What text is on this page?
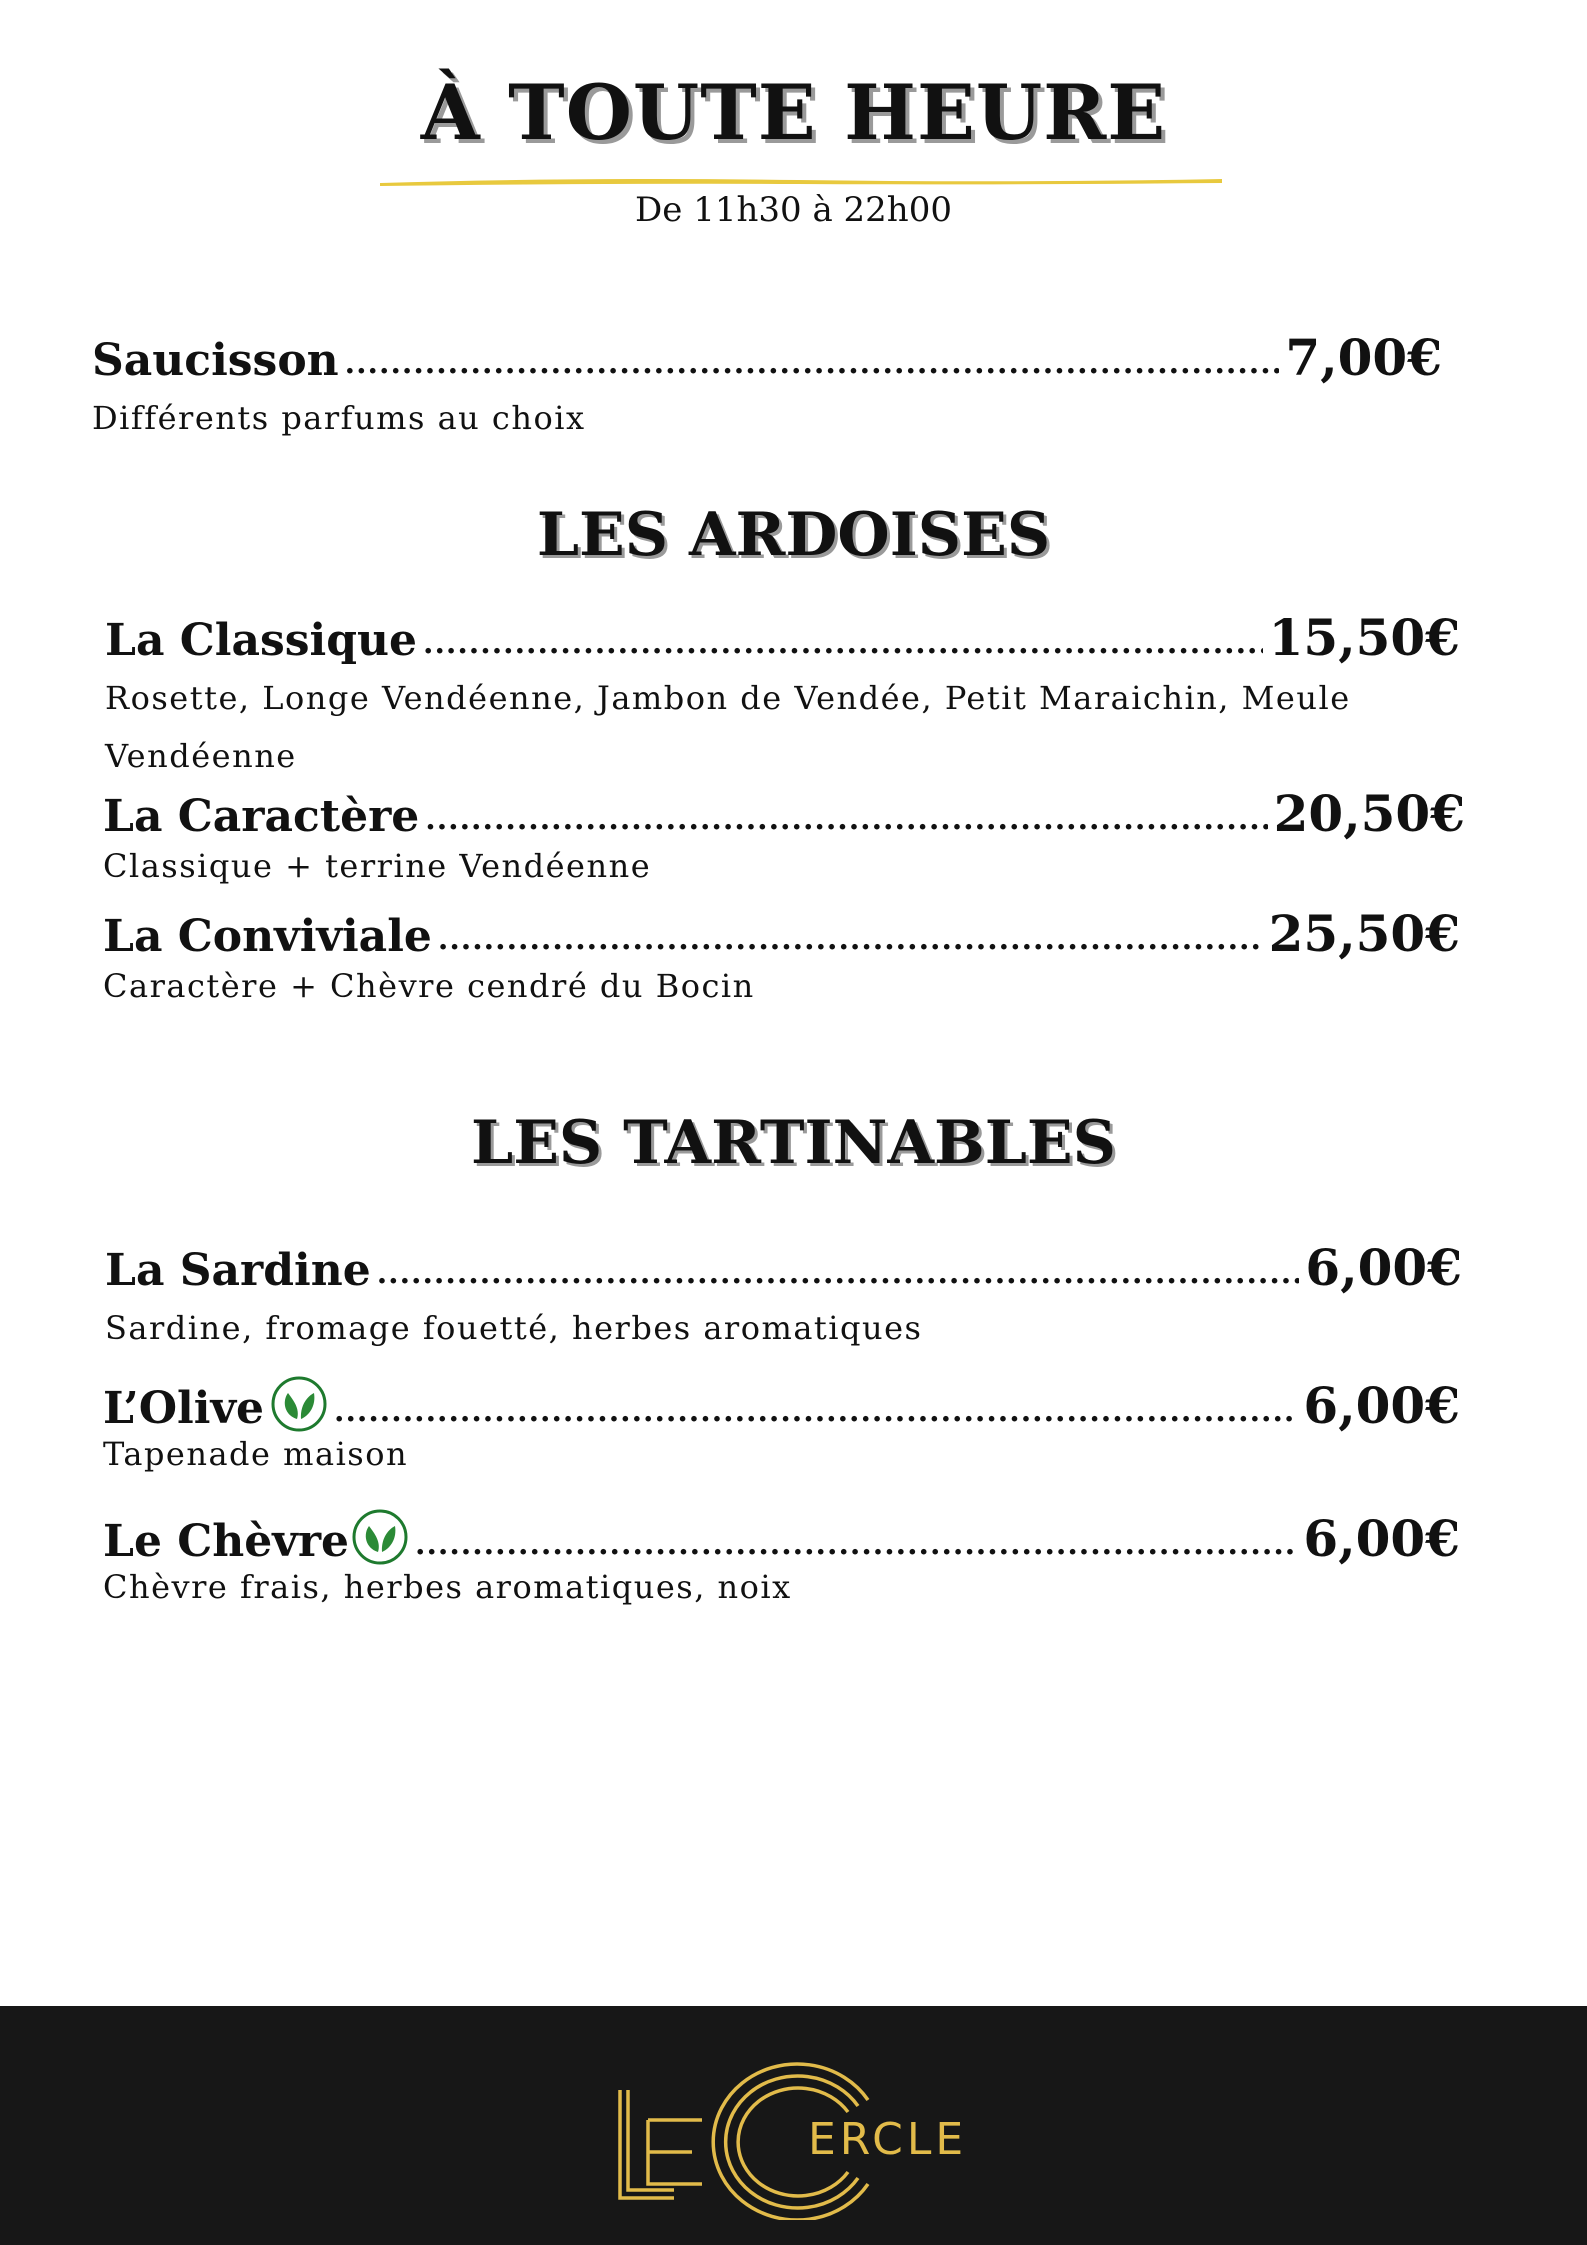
À TOUTE HEURE
De 11h30 à 22h00
Saucisson .....	7,00€
Différents parfums au choix
LES ARDOISES
La Classique .....	15,50€
Rosette, Longe Vendéenne, Jambon de Vendée, Petit Maraichin, Meule Vendéenne
La Caractère .....	20,50€
Classique + terrine Vendéenne
La Conviviale .....	25,50€
Caractère + Chèvre cendré du Bocin
LES TARTINABLES
La Sardine .....	6,00€
Sardine, fromage fouetté, herbes aromatiques
L’Olive .....	6,00€
Tapenade maison
Le Chèvre .....	6,00€
Chèvre frais, herbes aromatiques, noix
ERCLE
